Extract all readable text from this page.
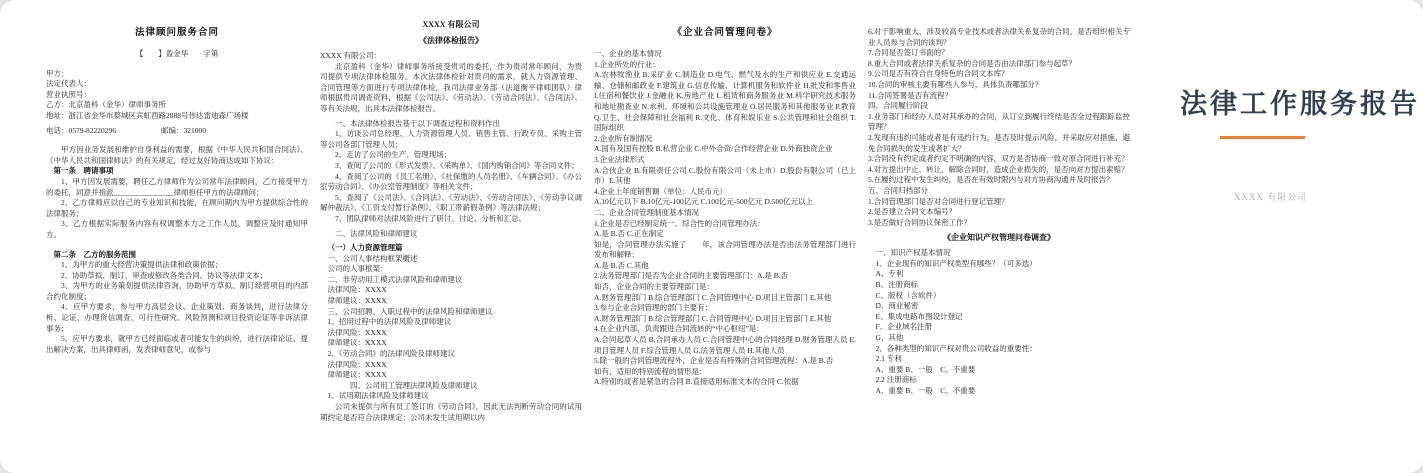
法律顾问服务合同
【　　】盈金华　　字第
甲方：
法定代表人：
营业执照号：
乙方：北京盈科（金华）律师事务所
地址：浙江省金华市婺城区宾虹西路2888号伟达雷迪森广场楼
电话：0579-82220296　　　　　　邮编：321000
甲方因业务发展和维护自身利益的需要，根据《中华人民共和国合同法》、《中华人民共和国律师法》的有关规定，经过友好协商达成如下协议：
第一条　聘请事项
1、甲方因发展需要，聘任乙方律师作为公司常年法律顾问，乙方接受甲方的委托，同意并指派________________律师担任甲方的法律顾问；
2、乙方律师应以自己的专业知识和技能，在顾问期内为甲方提供综合性的法律服务；
3、乙方根据实际服务内容有权调整本方之工作人员，调整应及时通知甲方。
第二条　乙方的服务范围
1、为甲方的重大经营决策提供法律和政策依据；
2、协助草拟、制订、审查或修改各类合同、协议等法律文本；
3、为甲方的业务策划提供法律咨询，协助甲方草拟、制订经营项目的内部合约化制度；
4、应甲方要求，参与甲方高层会议、企业策划、商务谈判，进行法律分析、论证、办理资信调查、可行性研究、风险预测和项目投资论证等非诉法律事务；
5、应甲方要求，就甲方已经面临或者可能发生的纠纷，进行法律论证、提出解决方案，出具律师函，发表律师意见，或参与
XXXX 有限公司
《法律体检报告》
XXXX 有限公司：
北京盈科（金华）律师事务所接受贵司的委托，作为贵司常年顾问，为贵司提供专项法律体检服务。本次法律体检针对贵司的需求，就人力资源管理、合同管理等方面进行专项法律体检，我司法律业务部（法道衡平律师团队）律师根据贵司调查资料，根据《公司法》、《劳动法》、《劳动合同法》、《合同法》、等有关法规，出具本法律体检报告。
一、本法律体检报告基于以下调查过程和资料作出
1、访谈公司总经理、人力资源管理人员、销售主管、行政专员、采购主管等公司各部门管理人员；
2、走访了公司的生产、管理现场；
3、查阅了公司的《形式发票》、《采购单》、《国内购销合同》等合同文件；
4、查阅了公司的《员工名册》、《社保缴的人员名册》、《车辆合同》、《办公室劳动合同》、《办公室管理制度》等相关文件；
5、查阅了《公司法》、《合同法》、《劳动法》、《劳动合同法》、《劳动争议调解仲裁法》、《工资支付暂行条例》、《职工带薪假条例》等法律法规；
7、团队律师对法律风险进行了研讨、讨论、分析和汇总。
二、法律风险和律师建议
（一）人力资源管理篇
一、公司人事结构框架概述
公司的人事框架：
二、非劳动用工模式法律风险和律师建议
法律风险：XXXX
律师建议：XXXX
三、公司招聘、入职过程中的法律风险和律师建议
1、招用过程中的法律风险及律师建议
法律风险：XXXX
律师建议：XXXX
2、《劳动合同》的法律风险及律师建议
法律风险：XXXX
律师建议：XXXX
四、公司用工管理法律风险及律师建议
1、试用期法律风险及律师建议
公司未提供与所有员工签订的《劳动合同》，因此无法判断劳动合同的试用期约定是否符合法律规定；公司未发生试用期以内
《企业合同管理问卷》
一、企业的基本情况
1.企业所处的行业：
A.农林牧渔业 B.采矿业 C.制造业 D.电气、燃气及水的生产和供应业 E.交通运输、仓储和邮政业 F.建筑业 G.信息传输、计算机服务和软件业 H.批发和零售业 I.住宿和餐饮业 J.金融业 K.房地产业 L.租赁和商务服务业 M.科学研究技术服务和地址勘查业 N.水利、环境和公共设施管理业 O.居民服务和其他服务业 P.教育 Q.卫生、社会保障和社会福利 R.文化、体育和娱乐业 S.公共管理和社会组织 T.国际组织
2.企业所有制情况
A.国有及国有控股 B.私营企业 C.中外合资/合作经营企业 D.外商独资企业
3.企业法律形式
A.合伙企业 B.有限责任公司 C.股份有限公司（未上市）D.股份有限公司（已上市）E.其他
4.企业上年度销售额（单位：人民币元）
A.10亿元以下 B.10亿元-100亿元 C.100亿元-500亿元 D.500亿元以上
二、企业合同管理制度基本情况
1.企业是否已经制定统一、综合性的合同管理办法：
A.是 B.否 C.正在制定
如是，合同管理办法实施了　　年，该合同管理办法是否由法务管理部门进行发布和解释：
A.是 B.否 C.其他
2.法务管理部门是否为企业合同的主要管理部门：A.是 B.否
如否，企业合同的主要管理部门是：
A.财务管理部门 B.综合管理部门 C.合同管理中心 D.项目主管部门 E.其他
3.参与企业合同管理的部门主要有：
A.财务管理部门 B.综合管理部门 C.合同管理中心 D.项目主管部门 E.其他
4.在企业内部，负责跟进合同流转的“中心枢纽”是：
A.合同起草人员 B.合同承办人员 C.合同管理中心的合同经理 D.财务管理人员 E.项目管理人员 F.综合管理人员 G.法务管理人员 H.其他人员
5.除一般的合同管理流程外，企业是否有特殊的合同管理流程：A.是 B.否
如有，适用的特别流程的情形是：
A.特别的或者是紧急的合同 B.直接适用标准文本的合同 C.依据
6.对于影响重大、涉及较高专业技术或者法律关系复杂的合同，是否组织相关专业人员参与合同的谈判？
7.合同是否签订书面的？
8.重大合同或者法律关系复杂的合同是否由法律部门参与起草？
9.公司是否有符合自身特色的合同文本库？
10.合同的审核主要有哪些人参与，具体负责哪部分？
11.合同签署是否有流程？
四、合同履行阶段
1.业务部门和经办人员对其承办的合同，从订立到履行终结是否全过程跟踪监控管理？
2.发现有违约可能或者是有违约行为，是否及时提示风险，并采取应对措施，避免合同损失的发生或者扩大？
3.合同没有约定或者约定不明确的内容，双方是否协商一致对原合同进行补充？
4.对方提出中止、转让、解除合同时，造成企业损失的，是否向对方提出索赔？
5.在履约过程中发生纠纷，是否在有效时限内与对方协商沟通并及时报告？
五、合同归档部分
1.合同管理部门是否对合同进行登记管理？
2.是否建立合同文本编号？
3.是否做好合同协议保密工作？
《企业知识产权管理问卷调查》
一、知识产权基本情况
1、企业现有的知识产权类型有哪些？（可多选）
A、专利
B、注册商标
C、版权（含软件）
D、商业秘密
E、集成电路布图设计登记
F、企业域名注册
G、其他
2、各种类型的知识产权对贵公司收益的重要性：
2.1 专利
A、重要 B、一般　C、不重要
2.2 注册商标
A、重要 B、一般　C、不重要
法律工作服务报告
XXXX 有限公司
